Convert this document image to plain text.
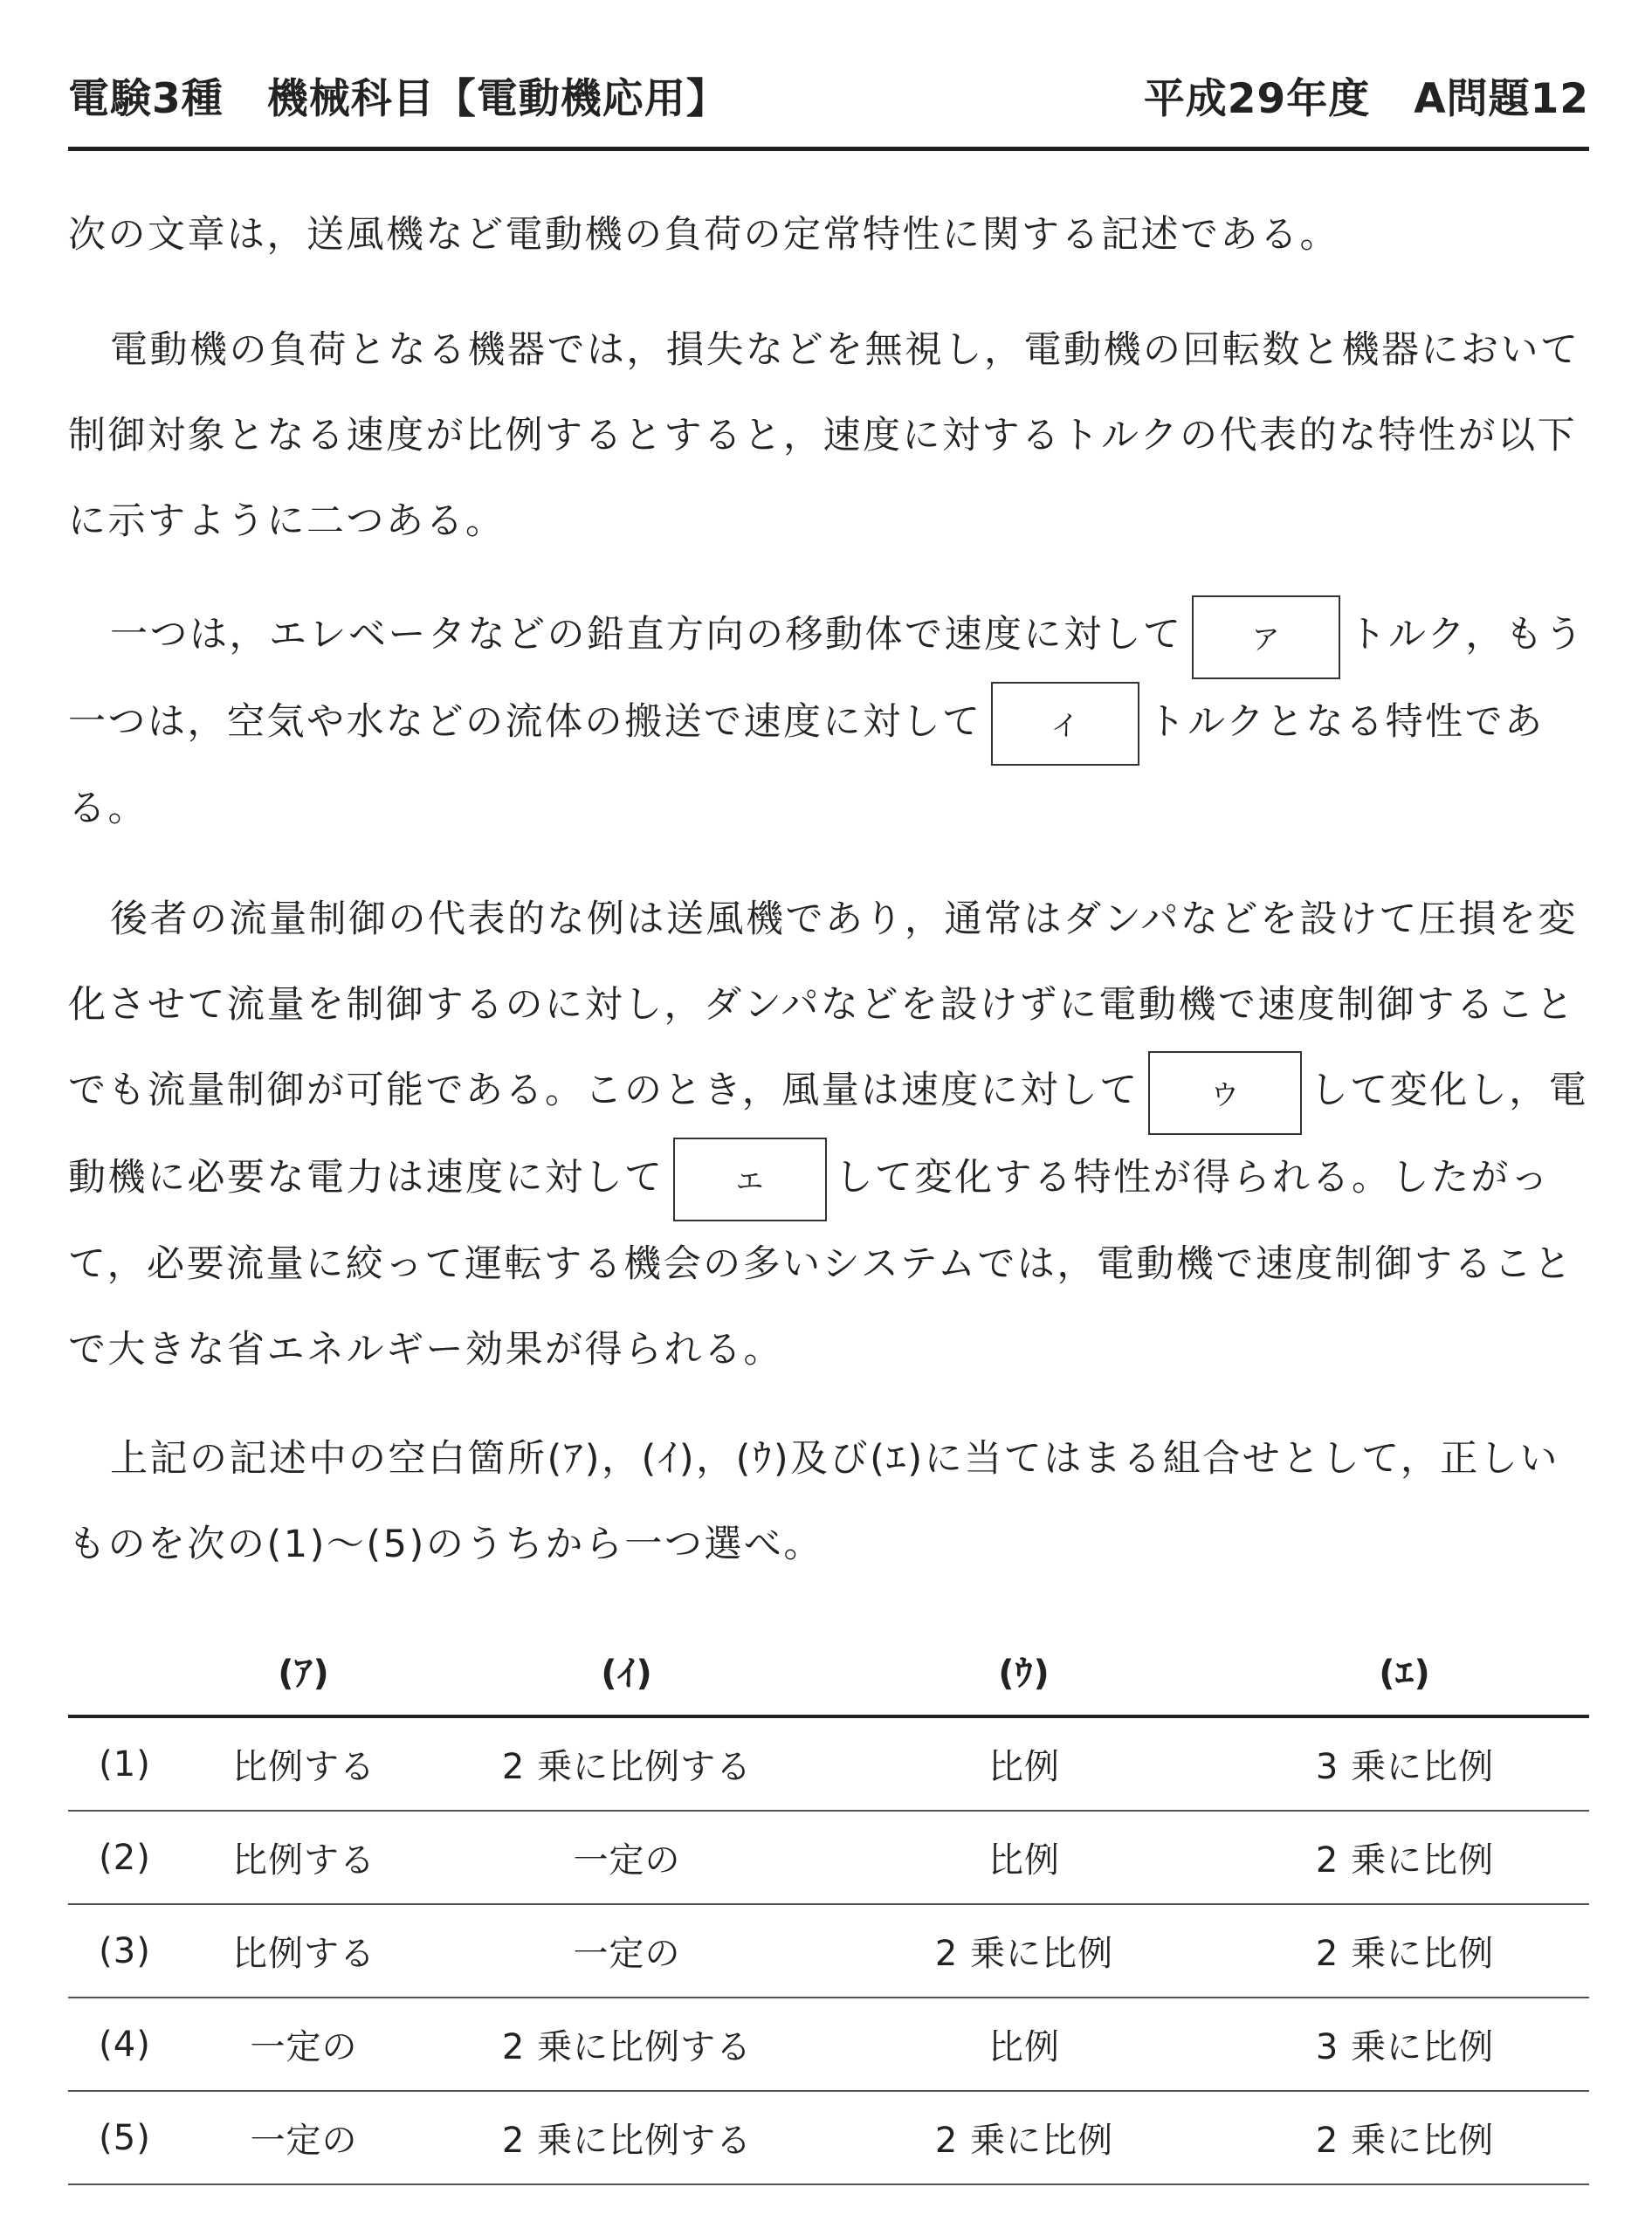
電験3種 機械科目【電動機応用】	平成29年度 A問題12
次の文章は，送風機など電動機の負荷の定常特性に関する記述である。
電動機の負荷となる機器では，損失などを無視し，電動機の回転数と機器において制御対象となる速度が比例するとすると，速度に対するトルクの代表的な特性が以下に示すように二つある。
一つは，エレベータなどの鉛直方向の移動体で速度に対して ア トルク，もう一つは，空気や水などの流体の搬送で速度に対して イ トルクとなる特性である。
後者の流量制御の代表的な例は送風機であり，通常はダンパなどを設けて圧損を変化させて流量を制御するのに対し，ダンパなどを設けずに電動機で速度制御することでも流量制御が可能である。このとき，風量は速度に対して	ウ して変化し，電動機に必要な電力は速度に対して	エ して変化する特性が得られる。したがって，必要流量に絞って運転する機会の多いシステムでは，電動機で速度制御することで大きな省エネルギー効果が得られる。
上記の記述中の空白箇所(ｱ)，(ｲ)，(ｳ)及び(ｴ)に当てはまる組合せとして，正しいものを次の(1)〜(5)のうちから一つ選べ。
	(ｱ)	(ｲ)	(ｳ)	(ｴ)
(1)	比例する	2 乗に比例する	比例	3 乗に比例
(2)	比例する	一定の	比例	2 乗に比例
(3)	比例する	一定の	2 乗に比例	2 乗に比例
(4)	一定の	2 乗に比例する	比例	3 乗に比例
(5)	一定の	2 乗に比例する	2 乗に比例	2 乗に比例
